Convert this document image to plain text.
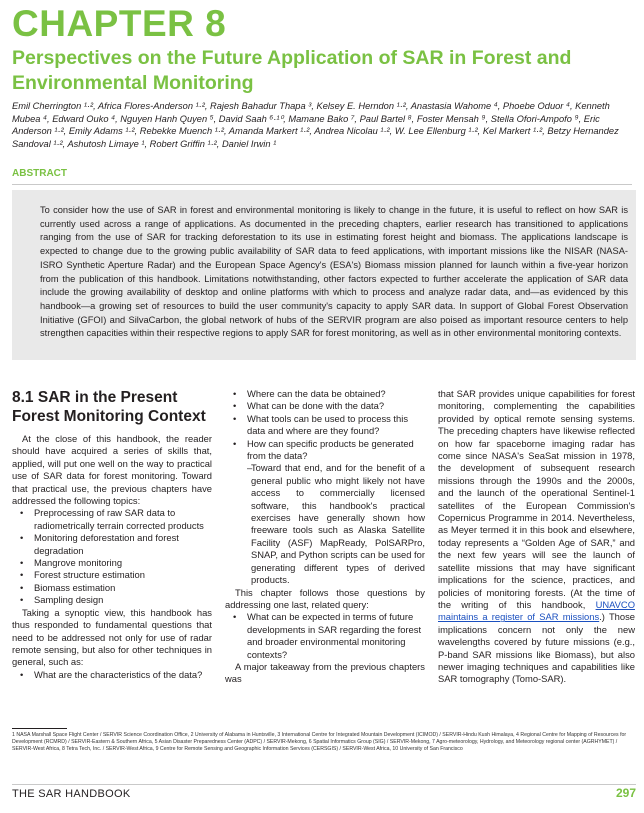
CHAPTER 8
Perspectives on the Future Application of SAR in Forest and Environmental Monitoring
Emil Cherrington ¹·², Africa Flores-Anderson ¹·², Rajesh Bahadur Thapa ³, Kelsey E. Herndon ¹·², Anastasia Wahome ⁴, Phoebe Oduor ⁴, Kenneth Mubea ⁴, Edward Ouko ⁴, Nguyen Hanh Quyen ⁵, David Saah ⁶·¹⁰, Mamane Bako ⁷, Paul Bartel ⁸, Foster Mensah ⁹, Stella Ofori-Ampofo ⁹, Eric Anderson ¹·², Emily Adams ¹·², Rebekke Muench ¹·², Amanda Markert ¹·², Andrea Nicolau ¹·², W. Lee Ellenburg ¹·², Kel Markert ¹·², Betzy Hernandez Sandoval ¹·², Ashutosh Limaye ¹, Robert Griffin ¹·², Daniel Irwin ¹
ABSTRACT
To consider how the use of SAR in forest and environmental monitoring is likely to change in the future, it is useful to reflect on how SAR is currently used across a range of applications. As documented in the preceding chapters, earlier research has transitioned to applications ranging from the use of SAR for tracking deforestation to its use in estimating forest height and biomass. The applications landscape is expected to change due to the growing public availability of SAR data to feed applications, with important missions like the NISAR (NASA-ISRO Synthetic Aperture Radar) and the European Space Agency's (ESA's) Biomass mission planned for launch within a five-year horizon from the publication of this handbook. Limitations notwithstanding, other factors expected to further accelerate the application of SAR data include the growing availability of desktop and online platforms with which to process and analyze radar data, and—as evidenced by this handbook—a growing set of resources to build the user community's capacity to apply SAR data. In support of Global Forest Observation Initiative (GFOI) and SilvaCarbon, the global network of hubs of the SERVIR program are also poised as important resource centers to help strengthen capacities within their respective regions to apply SAR for forest monitoring, as well as in other environmental monitoring contexts.
8.1 SAR in the Present Forest Monitoring Context

At the close of this handbook, the reader should have acquired a series of skills that, applied, will put one well on the way to practical use of SAR data for forest monitoring. Toward that practical use, the previous chapters have addressed the following topics:

• Preprocessing of raw SAR data to radiometrically terrain corrected products
• Monitoring deforestation and forest degradation
• Mangrove monitoring
• Forest structure estimation
• Biomass estimation
• Sampling design

Taking a synoptic view, this handbook has thus responded to fundamental questions that need to be addressed not only for use of radar remote sensing, but also for other techniques in general, such as:

• What are the characteristics of the data?
• Where can the data be obtained?
• What can be done with the data?
• What tools can be used to process this data and where are they found?
• How can specific products be generated from the data?

–
Toward that end, and for the benefit of a general public who might likely not have access to commercially licensed software, this handbook's practical exercises have generally shown how freeware tools such as Alaska Satellite Facility (ASF) MapReady, PolSARPro, SNAP, and Python scripts can be used for generating different types of derived products.

This chapter follows those questions by addressing one last, related query:

• What can be expected in terms of future developments in SAR regarding the forest and broader environmental monitoring contexts?

A major takeaway from the previous chapters was

that SAR provides unique capabilities for forest monitoring, complementing the capabilities provided by optical remote sensing systems. The preceding chapters have likewise reflected on how far spaceborne imaging radar has come since NASA's SeaSat mission in 1978, the development of subsequent research missions through the 1990s and the 2000s, and the launch of the operational Sentinel-1 satellites of the European Commission's Copernicus Programme in 2014. Nevertheless, as Meyer termed it in this book and elsewhere, today represents a “Golden Age of SAR,” and the next few years will see the launch of satellite missions that may have significant implications for the science, practices, and policies of monitoring forests. (At the time of the writing of this handbook, UNAVCO maintains a register of SAR missions.) Those implications concern not only the new wavelengths covered by future missions (e.g., P-band SAR missions like Biomass), but also newer imaging techniques and capabilities like SAR tomography (Tomo-SAR).

1 NASA Marshall Space Flight Center / SERVIR Science Coordination Office, 2 University of Alabama in Huntsville, 3 International Centre for Integrated Mountain Development (ICIMOD) / SERVIR-Hindu Kush Himalaya, 4 Regional Centre for Mapping of Resources for Development (RCMRD) / SERVIR-Eastern & Southern Africa, 5 Asian Disaster Preparedness Center (ADPC) / SERVIR-Mekong, 6 Spatial Informatics Group (SIG) / SERVIR-Mekong, 7 Agro-meteorology, Hydrology, and Meteorology regional center (AGRHYMET) / SERVIR-West Africa, 8 Tetra Tech, Inc. / SERVIR-West Africa, 9 Centre for Remote Sensing and Geographic Information Services (CERSGIS) / SERVIR-West Africa, 10 University of San Francisco
THE SAR HANDBOOK	297
